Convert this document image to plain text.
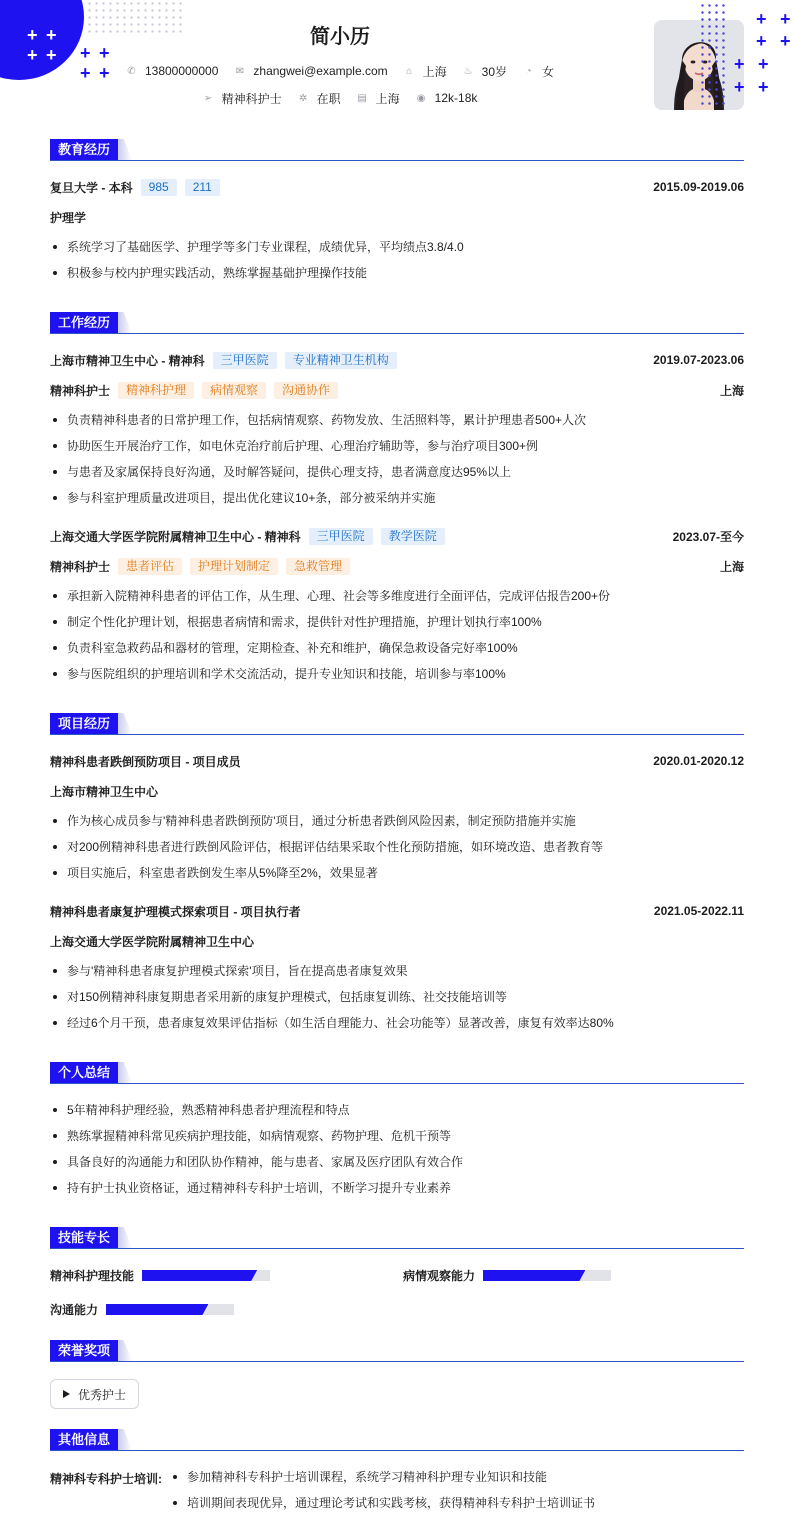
+ +
+ + + +
+ +
简小历
✆ 13800000000 ✉ zhangwei@example.com ⌂ 上海 ♨ 30岁 ◔ 女
➢ 精神科护士 ✲ 在职 ▤ 上海 ◉ 12k-18k
+ +
+ +
+ +
+ +
教育经历
复旦大学 - 本科	985	211	2015.09-2019.06
护理学
系统学习了基础医学、护理学等多门专业课程，成绩优异，平均绩点3.8/4.0
积极参与校内护理实践活动，熟练掌握基础护理操作技能
工作经历
上海市精神卫生中心 - 精神科	三甲医院	专业精神卫生机构	2019.07-2023.06
精神科护士	精神科护理	病情观察	沟通协作	上海
负责精神科患者的日常护理工作，包括病情观察、药物发放、生活照料等，累计护理患者500+人次
协助医生开展治疗工作，如电休克治疗前后护理、心理治疗辅助等，参与治疗项目300+例
与患者及家属保持良好沟通，及时解答疑问，提供心理支持，患者满意度达95%以上
参与科室护理质量改进项目，提出优化建议10+条，部分被采纳并实施
上海交通大学医学院附属精神卫生中心 - 精神科	三甲医院	教学医院	2023.07-至今
精神科护士	患者评估	护理计划制定	急救管理	上海
承担新入院精神科患者的评估工作，从生理、心理、社会等多维度进行全面评估，完成评估报告200+份
制定个性化护理计划，根据患者病情和需求，提供针对性护理措施，护理计划执行率100%
负责科室急救药品和器材的管理，定期检查、补充和维护，确保急救设备完好率100%
参与医院组织的护理培训和学术交流活动，提升专业知识和技能，培训参与率100%
项目经历
精神科患者跌倒预防项目 - 项目成员	2020.01-2020.12
上海市精神卫生中心
作为核心成员参与'精神科患者跌倒预防'项目，通过分析患者跌倒风险因素，制定预防措施并实施
对200例精神科患者进行跌倒风险评估，根据评估结果采取个性化预防措施，如环境改造、患者教育等
项目实施后，科室患者跌倒发生率从5%降至2%，效果显著
精神科患者康复护理模式探索项目 - 项目执行者	2021.05-2022.11
上海交通大学医学院附属精神卫生中心
参与'精神科患者康复护理模式探索'项目，旨在提高患者康复效果
对150例精神科康复期患者采用新的康复护理模式，包括康复训练、社交技能培训等
经过6个月干预，患者康复效果评估指标（如生活自理能力、社会功能等）显著改善，康复有效率达80%
个人总结
5年精神科护理经验，熟悉精神科患者护理流程和特点
熟练掌握精神科常见疾病护理技能，如病情观察、药物护理、危机干预等
具备良好的沟通能力和团队协作精神，能与患者、家属及医疗团队有效合作
持有护士执业资格证，通过精神科专科护士培训，不断学习提升专业素养
技能专长
精神科护理技能	病情观察能力
沟通能力
荣誉奖项
优秀护士
其他信息
精神科专科护士培训:	参加精神科专科护士培训课程，系统学习精神科护理专业知识和技能
培训期间表现优异，通过理论考试和实践考核，获得精神科专科护士培训证书
